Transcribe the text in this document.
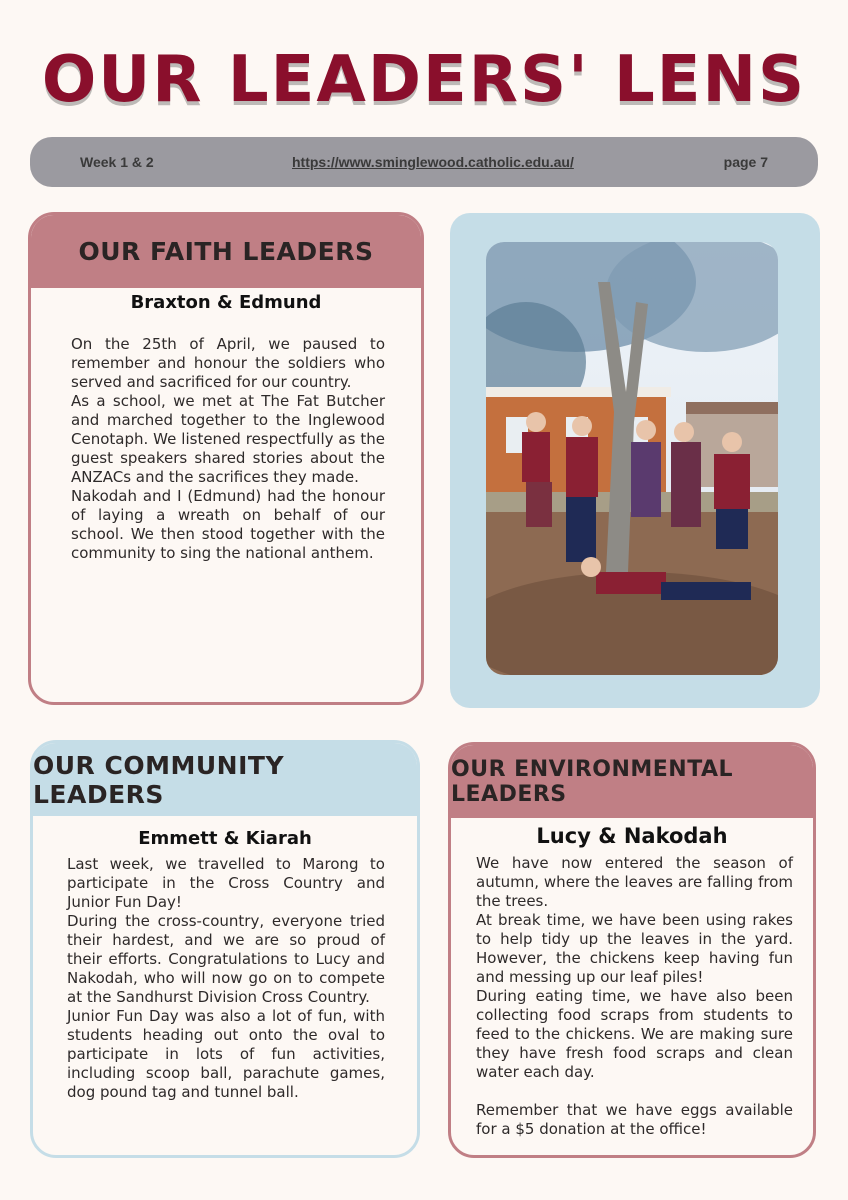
OUR LEADERS' LENS
Week 1 & 2	https://www.sminglewood.catholic.edu.au/	page 7
OUR FAITH LEADERS
Braxton & Edmund

On the 25th of April, we paused to remember and honour the soldiers who served and sacrificed for our country.

As a school, we met at The Fat Butcher and marched together to the Inglewood Cenotaph. We listened respectfully as the guest speakers shared stories about the ANZACs and the sacrifices they made.

Nakodah and I (Edmund) had the honour of laying a wreath on behalf of our school. We then stood together with the community to sing the national anthem.

OUR COMMUNITY LEADERS
Emmett & Kiarah

Last week, we travelled to Marong to participate in the Cross Country and Junior Fun Day!

During the cross-country, everyone tried their hardest, and we are so proud of their efforts. Congratulations to Lucy and Nakodah, who will now go on to compete at the Sandhurst Division Cross Country.

Junior Fun Day was also a lot of fun, with students heading out onto the oval to participate in lots of fun activities, including scoop ball, parachute games, dog pound tag and tunnel ball.

OUR ENVIRONMENTAL LEADERS
Lucy & Nakodah

We have now entered the season of autumn, where the leaves are falling from the trees.

At break time, we have been using rakes to help tidy up the leaves in the yard. However, the chickens keep having fun and messing up our leaf piles!

During eating time, we have also been collecting food scraps from students to feed to the chickens. We are making sure they have fresh food scraps and clean water each day.

Remember that we have eggs available for a $5 donation at the office!
